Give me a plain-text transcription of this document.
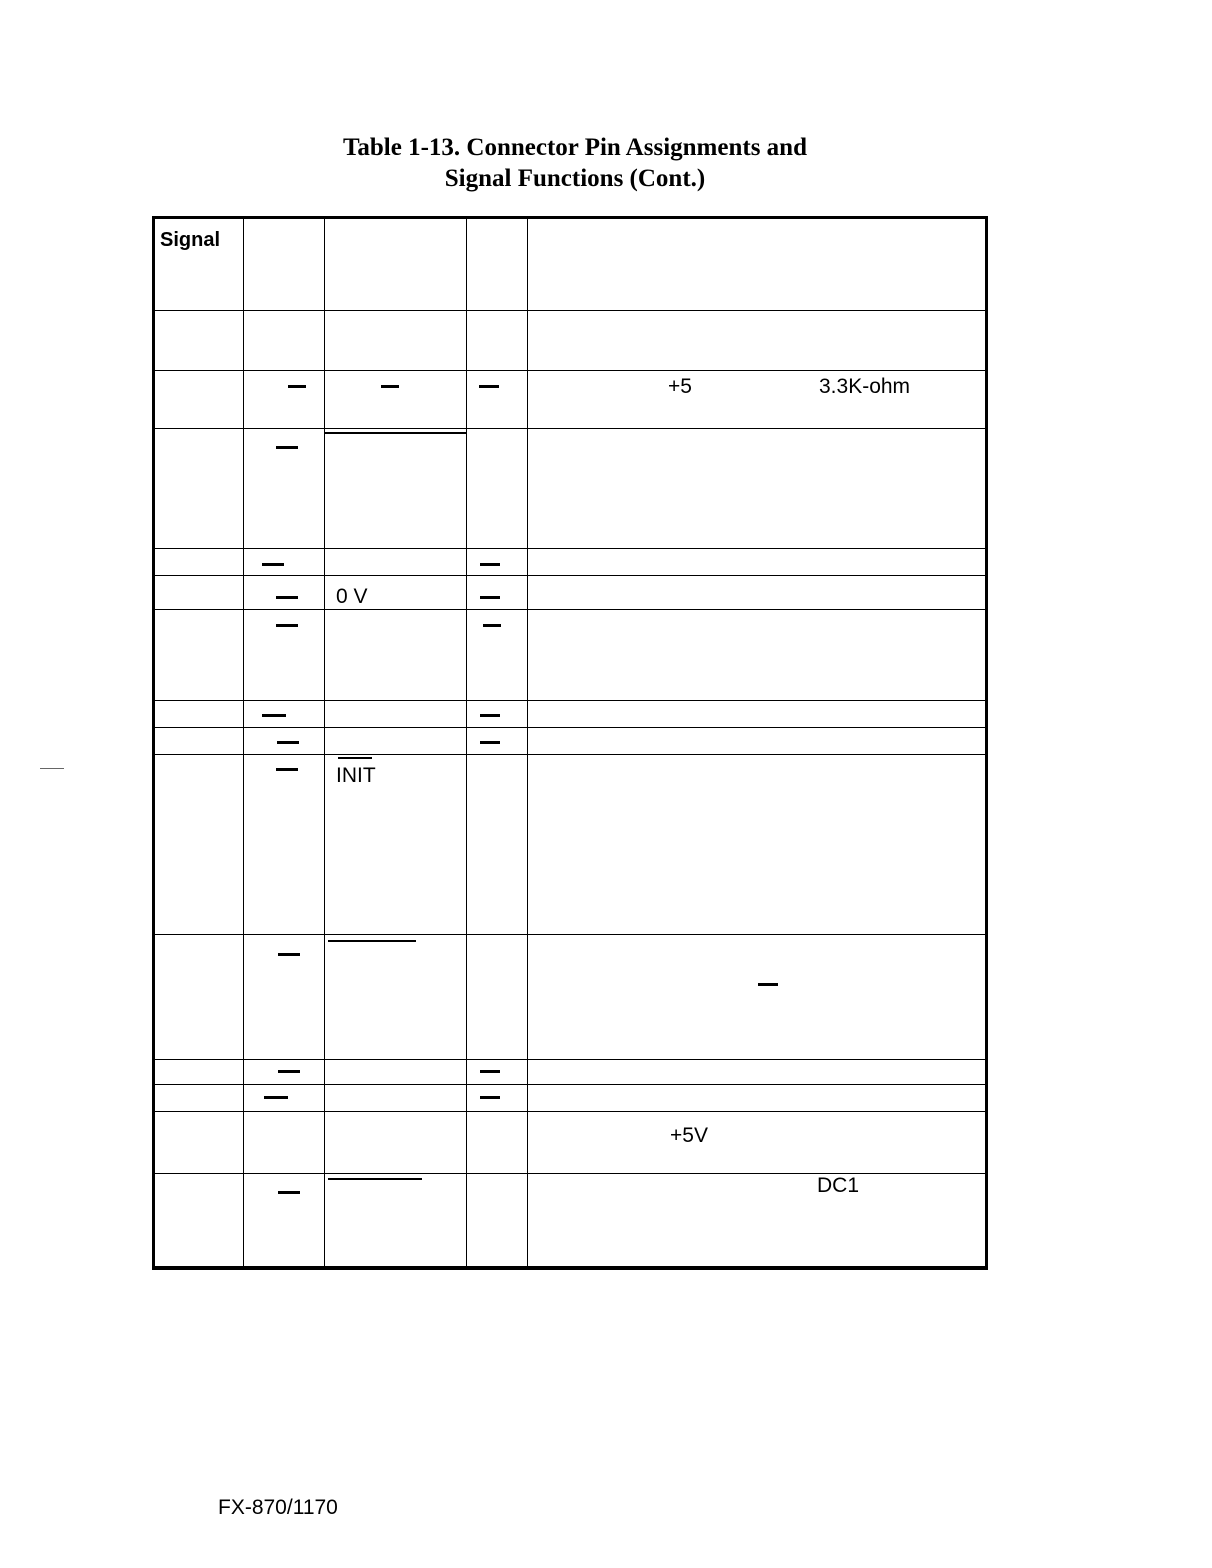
Table 1-13. Connector Pin Assignments and
Signal Functions (Cont.)
Signal
+5	3.3K-ohm
0 V
INIT
+5V
DC1
FX-870/1170
